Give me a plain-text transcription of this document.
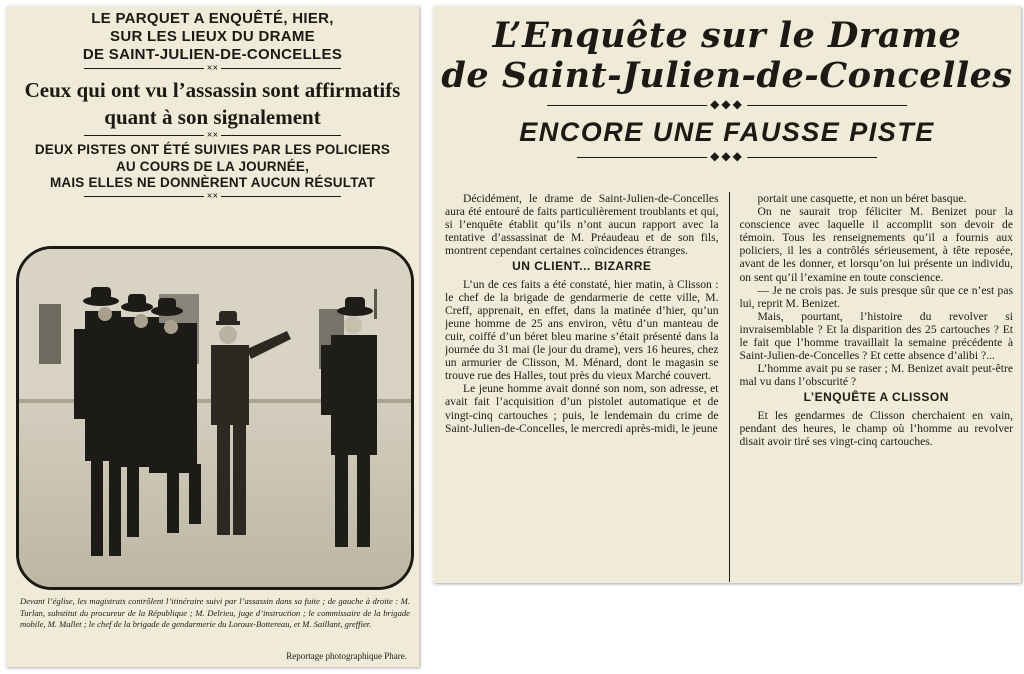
LE PARQUET A ENQUÊTÉ, HIER,
SUR LES LIEUX DU DRAME
DE SAINT-JULIEN-DE-CONCELLES
××
Ceux qui ont vu l’assassin sont affirmatifs
quant à son signalement
××
DEUX PISTES ONT ÉTÉ SUIVIES PAR LES POLICIERS
AU COURS DE LA JOURNÉE,
MAIS ELLES NE DONNÈRENT AUCUN RÉSULTAT
××
Devant l’église, les magistrats contrôlent l’itinéraire suivi par l’assassin dans sa fuite ; de gauche à droite : M. Turlan, substitut du procureur de la République ; M. Delrieu, juge d’instruction ; le commissaire de la brigade mobile, M. Mallet ; le chef de la brigade de gendarmerie du Loroux-Bottereau, et M. Saillant, greffier.
Reportage photographique Phare.
L’Enquête sur le Drame
de Saint-Julien-de-Concelles
◆◆◆
ENCORE UNE FAUSSE PISTE
◆◆◆

Décidément, le drame de Saint-Julien-de-Concelles aura été entouré de faits particulièrement troublants et qui, si l’enquête établit qu’ils n’ont aucun rapport avec la tentative d’assassinat de M. Préaudeau et de son fils, montrent cependant certaines coïncidences étranges.

UN CLIENT... BIZARRE

L’un de ces faits a été constaté, hier matin, à Clisson : le chef de la brigade de gendarmerie de cette ville, M. Creff, apprenait, en effet, dans la matinée d’hier, qu’un jeune homme de 25 ans environ, vêtu d’un manteau de cuir, coiffé d’un béret bleu marine s’était présenté dans la journée du 31 mai (le jour du drame), vers 16 heures, chez un armurier de Clisson, M. Ménard, dont le magasin se trouve rue des Halles, tout près du vieux Marché couvert.

Le jeune homme avait donné son nom, son adresse, et avait fait l’acquisition d’un pistolet automatique et de vingt-cinq cartouches ; puis, le lendemain du crime de Saint-Julien-de-Concelles, le mercredi après-midi, le jeune

portait une casquette, et non un béret basque.

On ne saurait trop féliciter M. Benizet pour la conscience avec laquelle il accomplit son devoir de témoin. Tous les renseignements qu’il a fournis aux policiers, il les a contrôlés sérieusement, à tête reposée, avant de les donner, et lorsqu’on lui présente un individu, on sent qu’il l’examine en toute conscience.

— Je ne crois pas. Je suis presque sûr que ce n’est pas lui, reprit M. Benizet.

Mais, pourtant, l’histoire du revolver si invraisemblable ? Et la disparition des 25 cartouches ? Et le fait que l’homme travaillait la semaine précédente à Saint-Julien-de-Concelles ? Et cette absence d’alibi ?...

L’homme avait pu se raser ; M. Benizet avait peut-être mal vu dans l’obscurité ?

L’ENQUÊTE A CLISSON

Et les gendarmes de Clisson cherchaient en vain, pendant des heures, le champ où l’homme au revolver disait avoir tiré ses vingt-cinq cartouches.
